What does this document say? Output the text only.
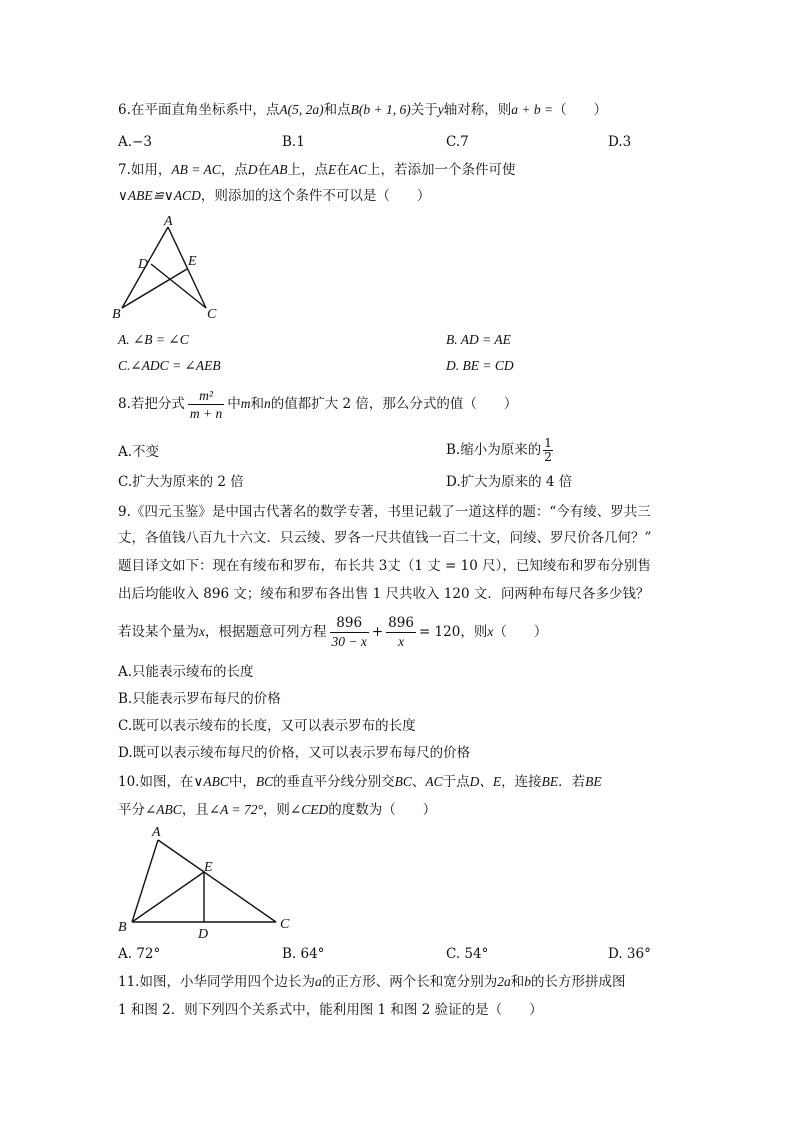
6.在平面直角坐标系中，点A(5, 2a)和点B(b + 1, 6)关于y轴对称，则a + b =（　　）
A.−3	B.1	C.7	D.3
7.如用，AB = AC，点D在AB上，点E在AC上，若添加一个条件可使
∨ABE≌∨ACD，则添加的这个条件不可以是（　　）
A
D	E
B	C
A. ∠B = ∠C	B. AD = AE
C.∠ADC = ∠AEB	D. BE = CD
8.若把分式 $\frac{\text{m²}}{m + n}$ 中m和n的值都扩大 2 倍，那么分式的值（　　）
A.不变	B.缩小为原来的 $\frac{1}{2}$
C.扩大为原来的 2 倍	D.扩大为原来的 4 倍
9.《四元玉鉴》是中国古代著名的数学专著，书里记载了一道这样的题：“今有绫、罗共三
丈，各值钱八百九十六文．只云绫、罗各一尺共值钱一百二十文，问绫、罗尺价各几何？”
题目译文如下：现在有绫布和罗布，布长共 3丈（1 丈 = 10 尺），已知绫布和罗布分别售
出后均能收入 896 文；绫布和罗布各出售 1 尺共收入 120 文．问两种布每尺各多少钱？
若设某个量为x，根据题意可列方程 $\frac{896}{30 - x} + \frac{896}{x} = 120$，则x（　　）
A.只能表示绫布的长度
B.只能表示罗布每尺的价格
C.既可以表示绫布的长度，又可以表示罗布的长度
D.既可以表示绫布每尺的价格，又可以表示罗布每尺的价格
10.如图，在∨ABC中，BC的垂直平分线分别交BC、AC于点D、E，连接BE．若BE
平分∠ABC，且∠A = 72°，则∠CED的度数为（　　）
A
E
B	C
D
A. 72°	B. 64°	C. 54°	D. 36°
11.如图，小华同学用四个边长为a的正方形、两个长和宽分别为2a和b的长方形拼成图
1 和图 2．则下列四个关系式中，能利用图 1 和图 2 验证的是（　　）
